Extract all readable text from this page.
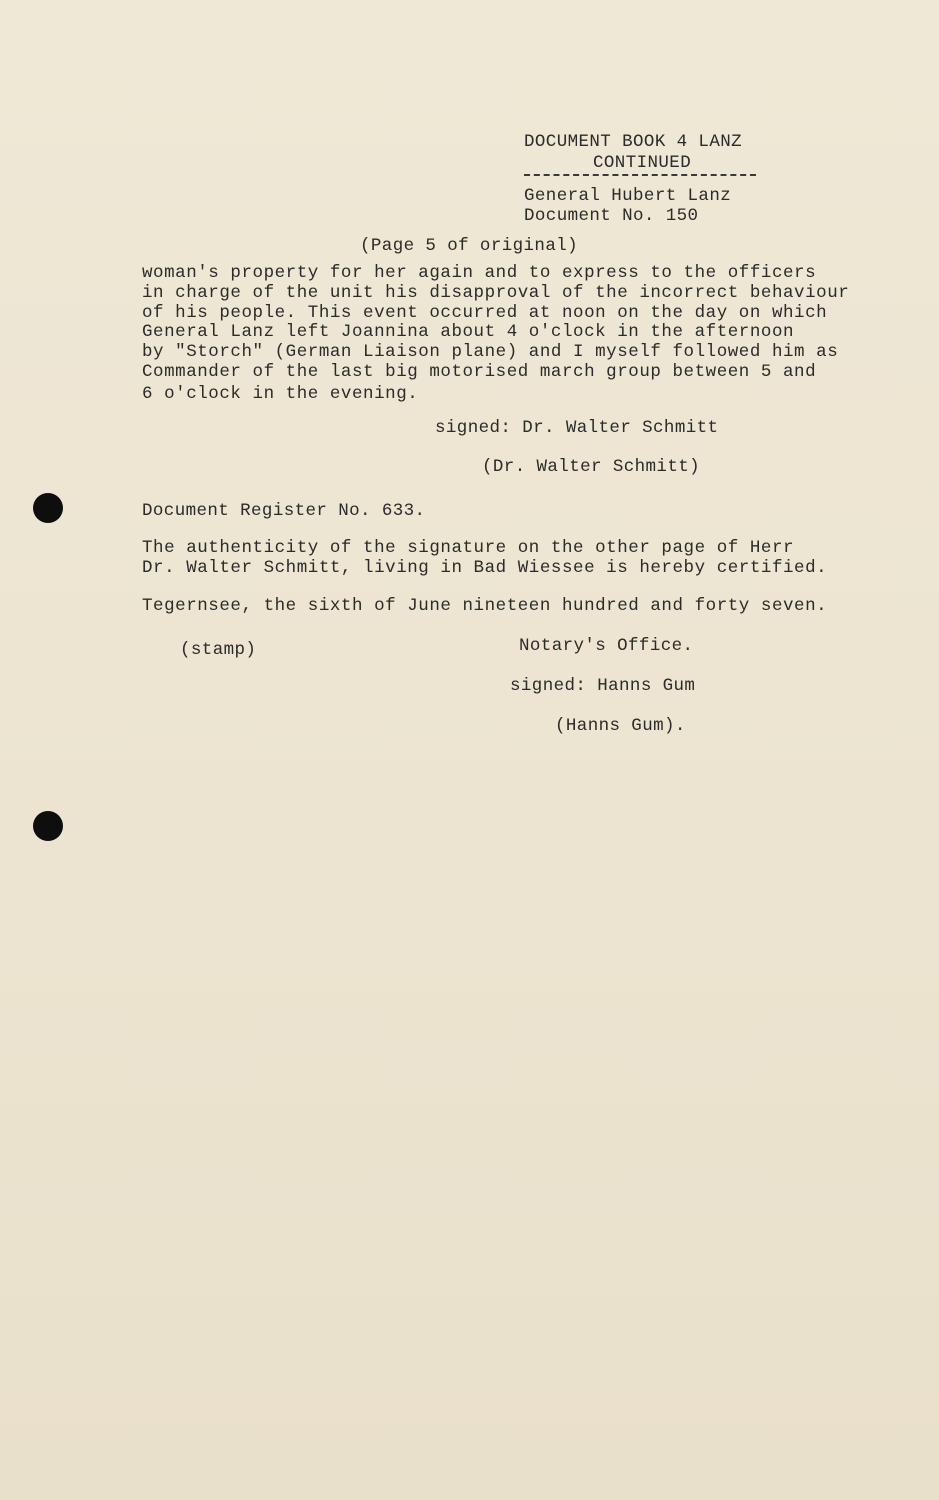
DOCUMENT BOOK 4 LANZ
CONTINUED
General Hubert Lanz
Document No. 150
(Page 5 of original)
woman's property for her again and to express to the officers
in charge of the unit his disapproval of the incorrect behaviour
of his people. This event occurred at noon on the day on which
General Lanz left Joannina about 4 o'clock in the afternoon
by "Storch" (German Liaison plane) and I myself followed him as
Commander of the last big motorised march group between 5 and
6 o'clock in the evening.
signed: Dr. Walter Schmitt
(Dr. Walter Schmitt)
Document Register No. 633.
The authenticity of the signature on the other page of Herr
Dr. Walter Schmitt, living in Bad Wiessee is hereby certified.
Tegernsee, the sixth of June nineteen hundred and forty seven.
(stamp)	Notary's Office.
signed: Hanns Gum
(Hanns Gum).
